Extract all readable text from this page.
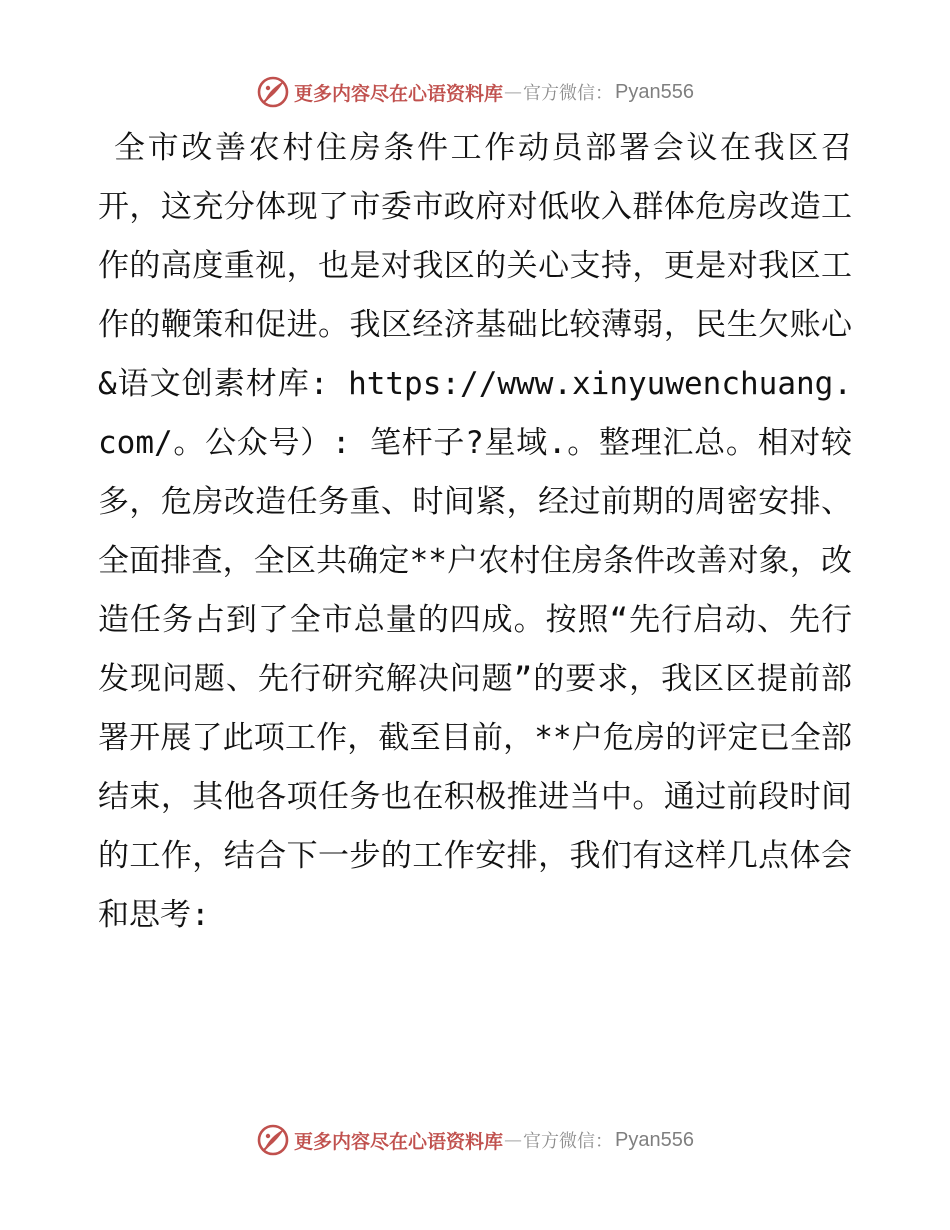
更多内容尽在心语资料库 — 官方微信： Pyan556

全市改善农村住房条件工作动员部署会议在我区召开，这充分体现了市委市政府对低收入群体危房改造工作的高度重视，也是对我区的关心支持，更是对我区工作的鞭策和促进。我区经济基础比较薄弱，民生欠账心&语文创素材库: https://www.xinyuwenchuang.com/。公众号）: 笔杆子?星域.。整理汇总。相对较多，危房改造任务重、时间紧，经过前期的周密安排、全面排查，全区共确定**户农村住房条件改善对象，改造任务占到了全市总量的四成。按照“先行启动、先行发现问题、先行研究解决问题”的要求，我区区提前部署开展了此项工作，截至目前，**户危房的评定已全部结束，其他各项任务也在积极推进当中。通过前段时间的工作，结合下一步的工作安排，我们有这样几点体会和思考:

更多内容尽在心语资料库 — 官方微信： Pyan556
